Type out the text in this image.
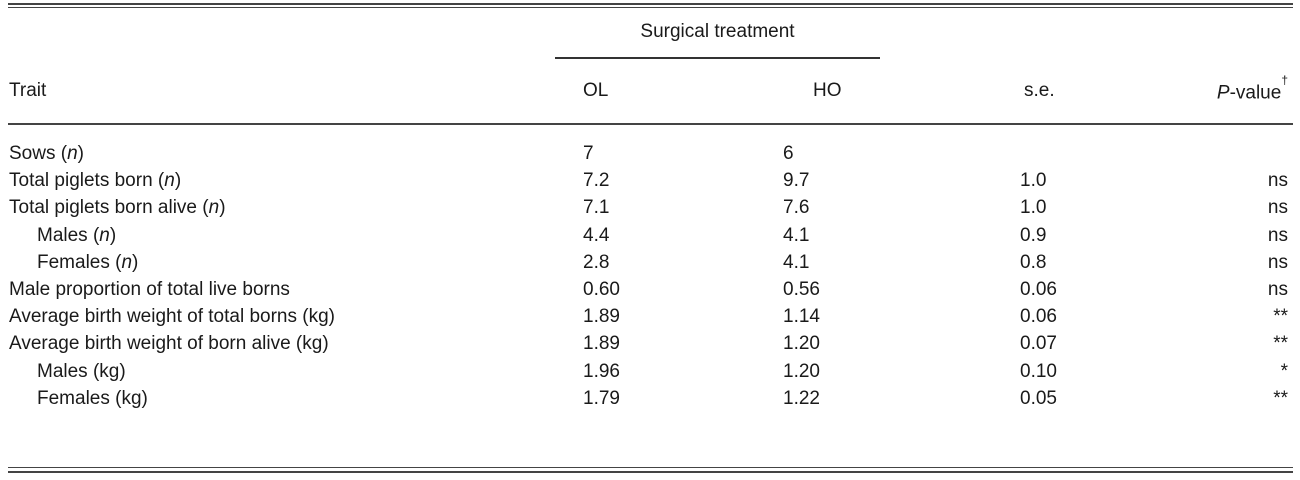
Surgical treatment
Trait	OL	HO	s.e.	P-value†
Sows (n)	7	6
Total piglets born (n)	7.2	9.7	1.0	ns
Total piglets born alive (n)	7.1	7.6	1.0	ns
Males (n)	4.4	4.1	0.9	ns
Females (n)	2.8	4.1	0.8	ns
Male proportion of total live borns	0.60	0.56	0.06	ns
Average birth weight of total borns (kg)	1.89	1.14	0.06	**
Average birth weight of born alive (kg)	1.89	1.20	0.07	**
Males (kg)	1.96	1.20	0.10	*
Females (kg)	1.79	1.22	0.05	**
